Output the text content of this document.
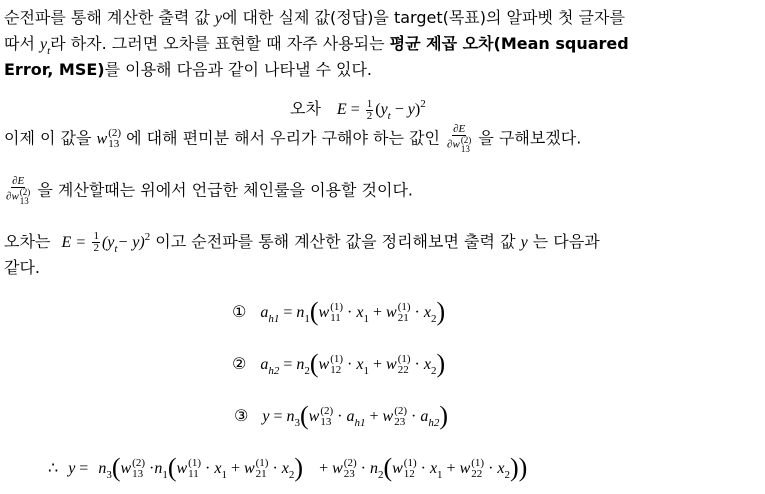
순전파를 통해 계산한 출력 값 y에 대한 실제 값(정답)을 target(목표)의 알파벳 첫 글자를
따서 $y_t$라 하자. 그러면 오차를 표현할 때 자주 사용되는 평균 제곱 오차(Mean squared
Error, MSE)를 이용해 다음과 같이 나타낼 수 있다.
오차 $E = \frac{1}{2} (y_t - y)^2$
이제 이 값을 w (2)
13 에 대해 편미분 해서 우리가 구해야 하는 값인 ∂E
∂w (2)
13 을 구해보겠다.
∂E
∂w (2)
13 을 계산할때는 위에서 언급한 체인룰을 이용할 것이다.
오차는 $E = \frac{1}{2} (y_t- y)^2$ 이고 순전파를 통해 계산한 값을 정리해보면 출력 값 y 는 다음과
같다.
① $a_{h1} = n_1(w$ (1)
$11 \cdot x_1 + w$ (1)
$21 \cdot x_2$)
② $a_{h2} = n_2(w$ (1)
$12 \cdot x_1 + w$ (1)
$22 \cdot x_2$)
③ $y = n_3(w$ (2)
$13 \cdot a_{h1} + w$ (2)
$23 \cdot a_{h2}$)
∴ $y = n_3(w$ (2)
$13 \cdot n_1(w$ (1)
$11 \cdot x_1 + w$ (1)
$21 \cdot x_2) + w$ (2)
$23 \cdot n_2(w$ (1)
$12 \cdot x_1 + w$ (1)
$22 \cdot x_2$))
